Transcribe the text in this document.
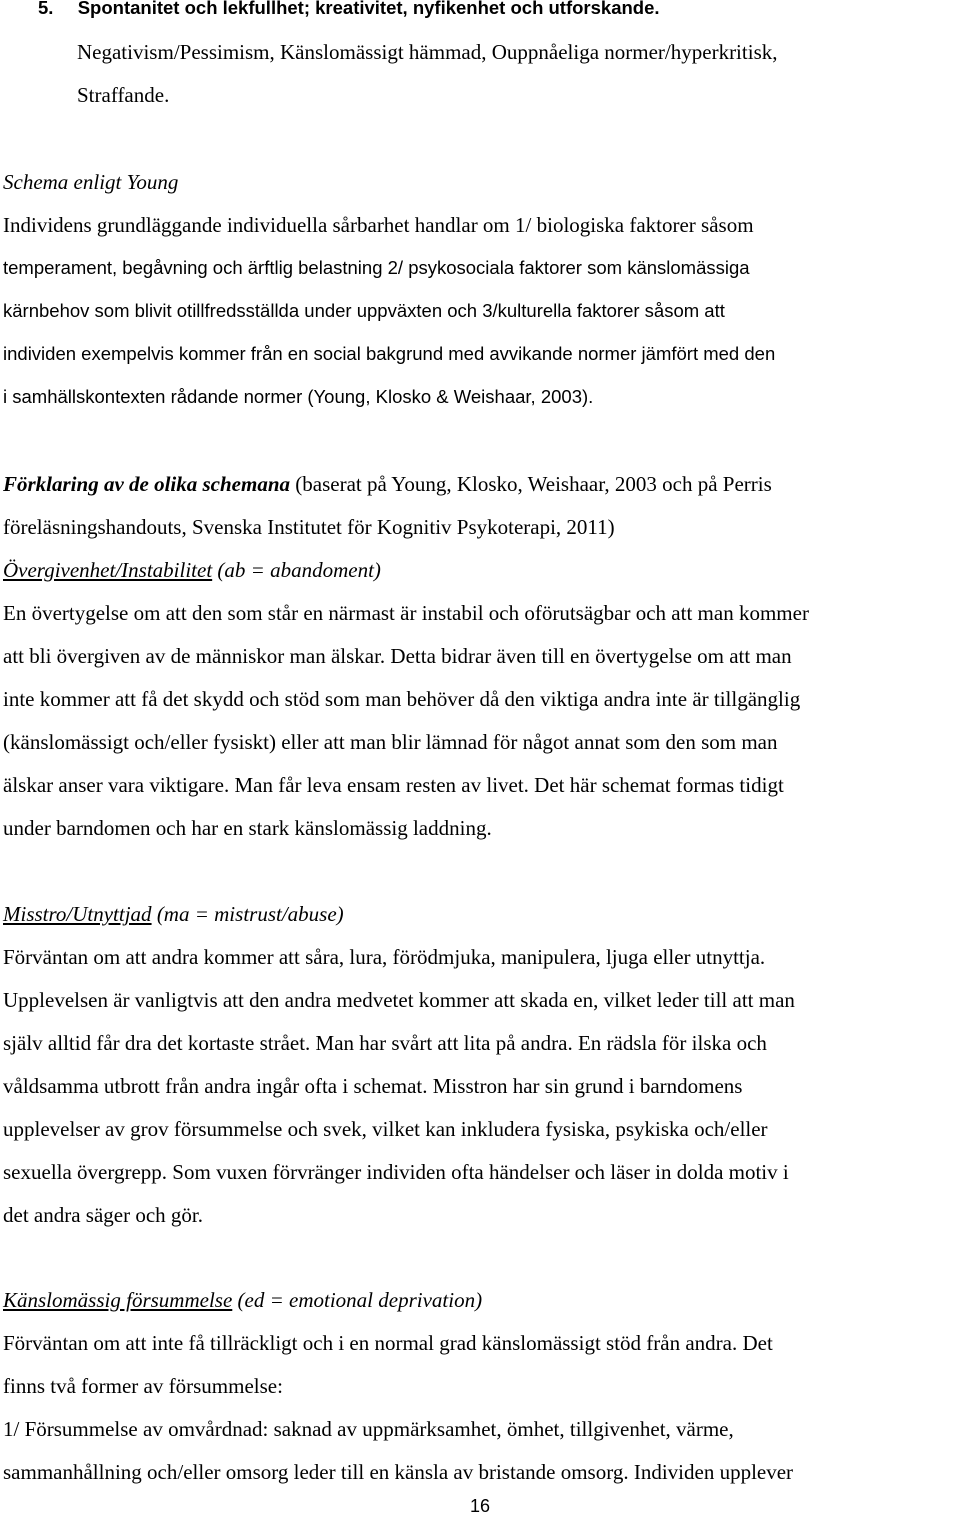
5. Spontanitet och lekfullhet; kreativitet, nyfikenhet och utforskande.
Negativism/Pessimism, Känslomässigt hämmad, Ouppnåeliga normer/hyperkritisk,
Straffande.
Schema enligt Young
Individens grundläggande individuella sårbarhet handlar om 1/ biologiska faktorer såsom
temperament, begåvning och ärftlig belastning 2/ psykosociala faktorer som känslomässiga
kärnbehov som blivit otillfredsställda under uppväxten och 3/kulturella faktorer såsom att
individen exempelvis kommer från en social bakgrund med avvikande normer jämfört med den
i samhällskontexten rådande normer (Young, Klosko & Weishaar, 2003).
Förklaring av de olika schemana (baserat på Young, Klosko, Weishaar, 2003 och på Perris
föreläsningshandouts, Svenska Institutet för Kognitiv Psykoterapi, 2011)
Övergivenhet/Instabilitet (ab = abandoment)
En övertygelse om att den som står en närmast är instabil och oförutsägbar och att man kommer
att bli övergiven av de människor man älskar. Detta bidrar även till en övertygelse om att man
inte kommer att få det skydd och stöd som man behöver då den viktiga andra inte är tillgänglig
(känslomässigt och/eller fysiskt) eller att man blir lämnad för något annat som den som man
älskar anser vara viktigare. Man får leva ensam resten av livet. Det här schemat formas tidigt
under barndomen och har en stark känslomässig laddning.
Misstro/Utnyttjad (ma = mistrust/abuse)
Förväntan om att andra kommer att såra, lura, förödmjuka, manipulera, ljuga eller utnyttja.
Upplevelsen är vanligtvis att den andra medvetet kommer att skada en, vilket leder till att man
själv alltid får dra det kortaste strået. Man har svårt att lita på andra. En rädsla för ilska och
våldsamma utbrott från andra ingår ofta i schemat. Misstron har sin grund i barndomens
upplevelser av grov försummelse och svek, vilket kan inkludera fysiska, psykiska och/eller
sexuella övergrepp. Som vuxen förvränger individen ofta händelser och läser in dolda motiv i
det andra säger och gör.
Känslomässig försummelse (ed = emotional deprivation)
Förväntan om att inte få tillräckligt och i en normal grad känslomässigt stöd från andra. Det
finns två former av försummelse:
1/ Försummelse av omvårdnad: saknad av uppmärksamhet, ömhet, tillgivenhet, värme,
sammanhållning och/eller omsorg leder till en känsla av bristande omsorg. Individen upplever
16
